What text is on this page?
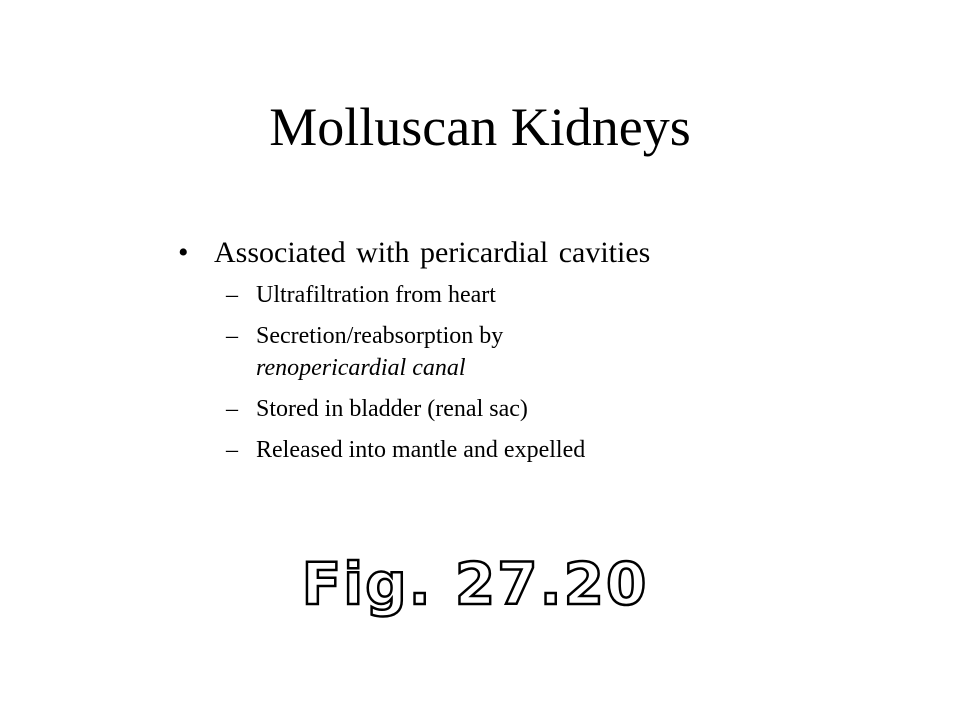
Molluscan Kidneys
• Associated with pericardial cavities
– Ultrafiltration from heart
– Secretion/reabsorption by
renopericardial canal
– Stored in bladder (renal sac)
– Released into mantle and expelled
Fig. 27.20
